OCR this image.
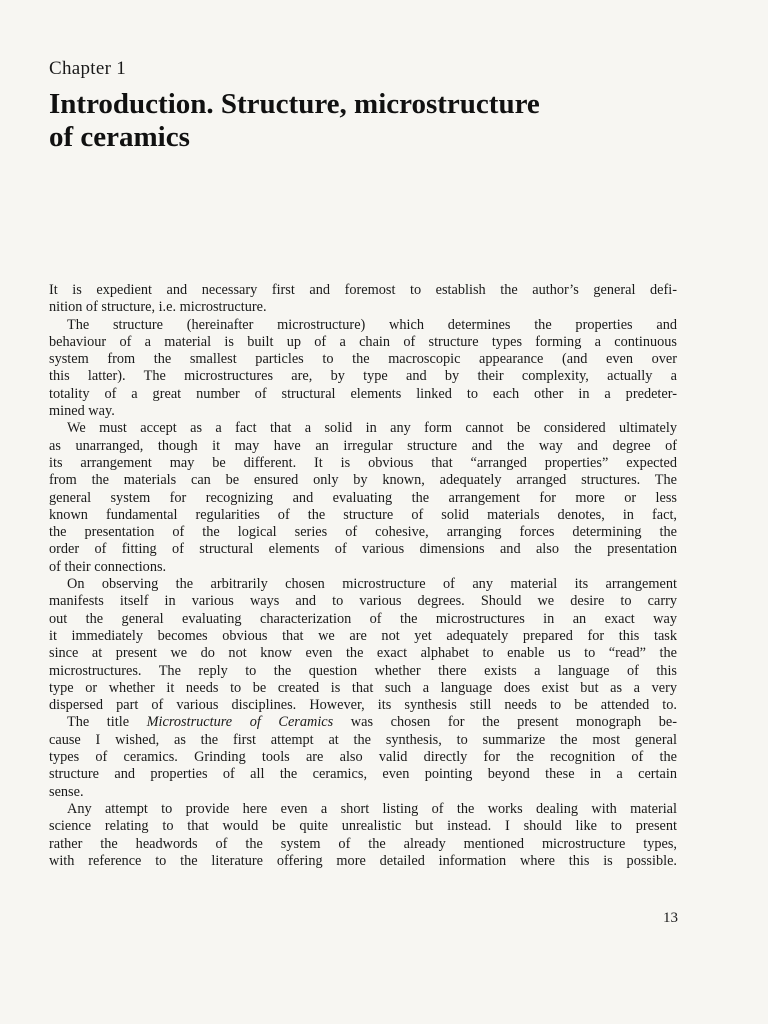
Chapter 1
Introduction. Structure, microstructure
of ceramics

It is expedient and necessary first and foremost to establish the author’s general defi-
nition of structure, i.e. microstructure.

The structure (hereinafter microstructure) which determines the properties and
behaviour of a material is built up of a chain of structure types forming a continuous
system from the smallest particles to the macroscopic appearance (and even over
this latter). The microstructures are, by type and by their complexity, actually a
totality of a great number of structural elements linked to each other in a predeter-
mined way.

We must accept as a fact that a solid in any form cannot be considered ultimately
as unarranged, though it may have an irregular structure and the way and degree of
its arrangement may be different. It is obvious that “arranged properties” expected
from the materials can be ensured only by known, adequately arranged structures. The
general system for recognizing and evaluating the arrangement for more or less
known fundamental regularities of the structure of solid materials denotes, in fact,
the presentation of the logical series of cohesive, arranging forces determining the
order of fitting of structural elements of various dimensions and also the presentation
of their connections.

On observing the arbitrarily chosen microstructure of any material its arrangement
manifests itself in various ways and to various degrees. Should we desire to carry
out the general evaluating characterization of the microstructures in an exact way
it immediately becomes obvious that we are not yet adequately prepared for this task
since at present we do not know even the exact alphabet to enable us to “read” the
microstructures. The reply to the question whether there exists a language of this
type or whether it needs to be created is that such a language does exist but as a very
dispersed part of various disciplines. However, its synthesis still needs to be attended to.

The title Microstructure of Ceramics was chosen for the present monograph be-
cause I wished, as the first attempt at the synthesis, to summarize the most general
types of ceramics. Grinding tools are also valid directly for the recognition of the
structure and properties of all the ceramics, even pointing beyond these in a certain
sense.

Any attempt to provide here even a short listing of the works dealing with material
science relating to that would be quite unrealistic but instead. I should like to present
rather the headwords of the system of the already mentioned microstructure types,
with reference to the literature offering more detailed information where this is possible.

13
